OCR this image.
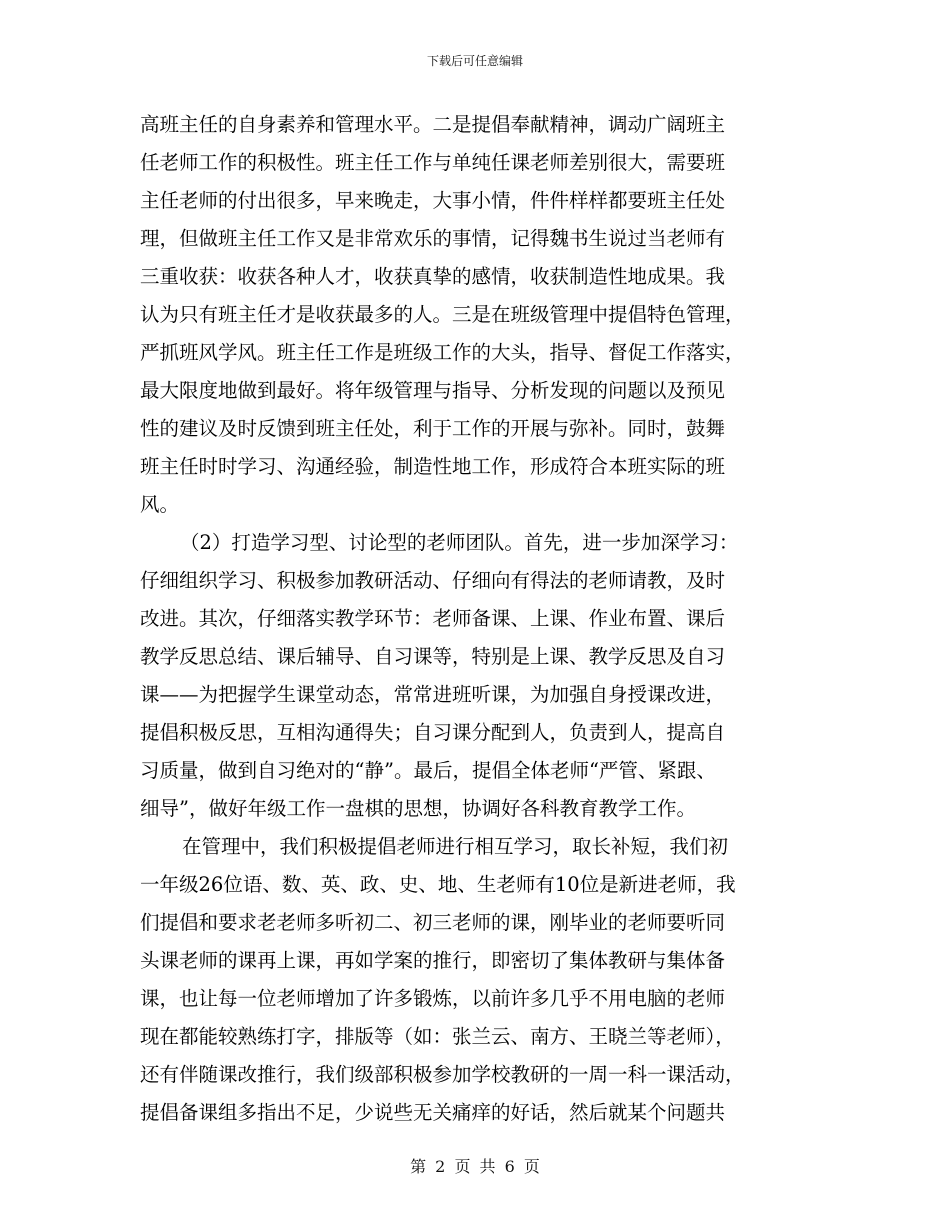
下载后可任意编辑
高班主任的自身素养和管理水平。二是提倡奉献精神，调动广阔班主
任老师工作的积极性。班主任工作与单纯任课老师差别很大，需要班
主任老师的付出很多，早来晚走，大事小情，件件样样都要班主任处
理，但做班主任工作又是非常欢乐的事情，记得魏书生说过当老师有
三重收获：收获各种人才，收获真挚的感情，收获制造性地成果。我
认为只有班主任才是收获最多的人。三是在班级管理中提倡特色管理，
严抓班风学风。班主任工作是班级工作的大头，指导、督促工作落实，
最大限度地做到最好。将年级管理与指导、分析发现的问题以及预见
性的建议及时反馈到班主任处，利于工作的开展与弥补。同时，鼓舞
班主任时时学习、沟通经验，制造性地工作，形成符合本班实际的班
风。
（2）打造学习型、讨论型的老师团队。首先，进一步加深学习：
仔细组织学习、积极参加教研活动、仔细向有得法的老师请教，及时
改进。其次，仔细落实教学环节：老师备课、上课、作业布置、课后
教学反思总结、课后辅导、自习课等，特别是上课、教学反思及自习
课——为把握学生课堂动态，常常进班听课，为加强自身授课改进，
提倡积极反思，互相沟通得失；自习课分配到人，负责到人，提高自
习质量，做到自习绝对的“静”。最后，提倡全体老师“严管、紧跟、
细导”，做好年级工作一盘棋的思想，协调好各科教育教学工作。
在管理中，我们积极提倡老师进行相互学习，取长补短，我们初
一年级26位语、数、英、政、史、地、生老师有10位是新进老师，我
们提倡和要求老老师多听初二、初三老师的课，刚毕业的老师要听同
头课老师的课再上课，再如学案的推行，即密切了集体教研与集体备
课，也让每一位老师增加了许多锻炼，以前许多几乎不用电脑的老师
现在都能较熟练打字，排版等（如：张兰云、南方、王晓兰等老师），
还有伴随课改推行，我们级部积极参加学校教研的一周一科一课活动，
提倡备课组多指出不足，少说些无关痛痒的好话，然后就某个问题共
第 2 页 共 6 页
